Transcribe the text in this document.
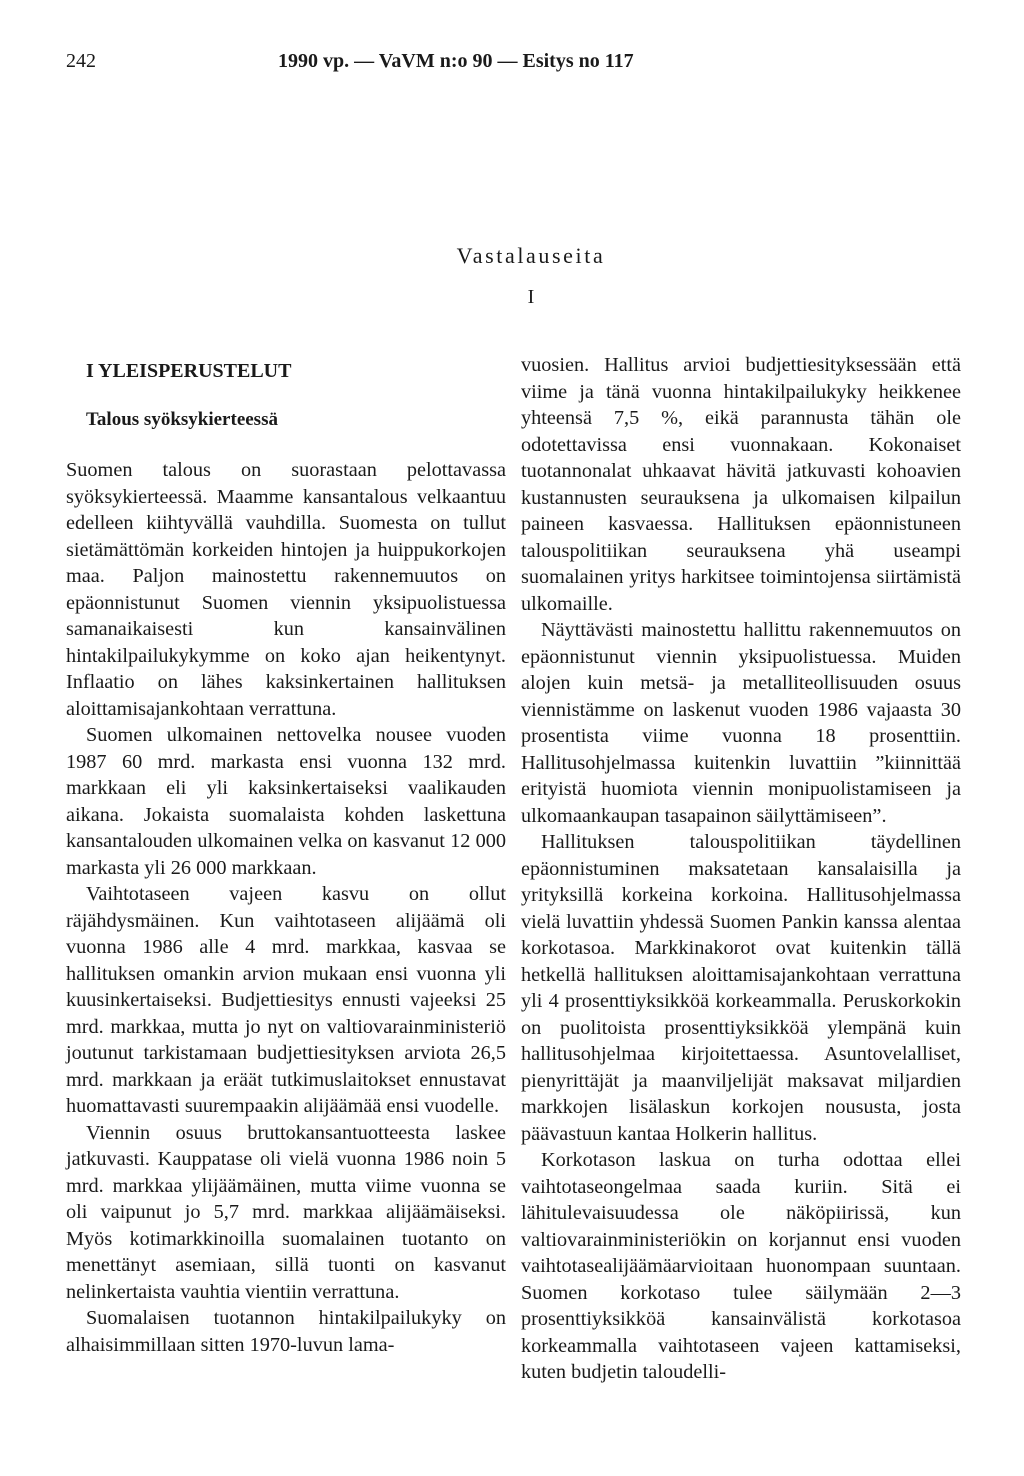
242	1990 vp. — VaVM n:o 90 — Esitys no 117
Vastalauseita
I

I YLEISPERUSTELUT

Talous syöksykierteessä

Suomen talous on suorastaan pelottavassa syöksykierteessä. Maamme kansantalous velkaantuu edelleen kiihtyvällä vauhdilla. Suomesta on tullut sietämättömän korkeiden hintojen ja huippukorkojen maa. Paljon mainostettu rakennemuutos on epäonnistunut Suomen viennin yksipuolistuessa samanaikaisesti kun kansainvälinen hintakilpailukykymme on koko ajan heikentynyt. Inflaatio on lähes kaksinkertainen hallituksen aloittamisajankohtaan verrattuna.

Suomen ulkomainen nettovelka nousee vuoden 1987 60 mrd. markasta ensi vuonna 132 mrd. markkaan eli yli kaksinkertaiseksi vaalikauden aikana. Jokaista suomalaista kohden laskettuna kansantalouden ulkomainen velka on kasvanut 12 000 markasta yli 26 000 markkaan.

Vaihtotaseen vajeen kasvu on ollut räjähdysmäinen. Kun vaihtotaseen alijäämä oli vuonna 1986 alle 4 mrd. markkaa, kasvaa se hallituksen omankin arvion mukaan ensi vuonna yli kuusinkertaiseksi. Budjettiesitys ennusti vajeeksi 25 mrd. markkaa, mutta jo nyt on valtiovarainministeriö joutunut tarkistamaan budjettiesityksen arviota 26,5 mrd. markkaan ja eräät tutkimuslaitokset ennustavat huomattavasti suurempaakin alijäämää ensi vuodelle.

Viennin osuus bruttokansantuotteesta laskee jatkuvasti. Kauppatase oli vielä vuonna 1986 noin 5 mrd. markkaa ylijäämäinen, mutta viime vuonna se oli vaipunut jo 5,7 mrd. markkaa alijäämäiseksi. Myös kotimarkkinoilla suomalainen tuotanto on menettänyt asemiaan, sillä tuonti on kasvanut nelinkertaista vauhtia vientiin verrattuna.

Suomalaisen tuotannon hintakilpailukyky on alhaisimmillaan sitten 1970-luvun lama-

vuosien. Hallitus arvioi budjettiesityksessään että viime ja tänä vuonna hintakilpailukyky heikkenee yhteensä 7,5 %, eikä parannusta tähän ole odotettavissa ensi vuonnakaan. Kokonaiset tuotannonalat uhkaavat hävitä jatkuvasti kohoavien kustannusten seurauksena ja ulkomaisen kilpailun paineen kasvaessa. Hallituksen epäonnistuneen talouspolitiikan seurauksena yhä useampi suomalainen yritys harkitsee toimintojensa siirtämistä ulkomaille.

Näyttävästi mainostettu hallittu rakennemuutos on epäonnistunut viennin yksipuolistuessa. Muiden alojen kuin metsä- ja metalliteollisuuden osuus viennistämme on laskenut vuoden 1986 vajaasta 30 prosentista viime vuonna 18 prosenttiin. Hallitusohjelmassa kuitenkin luvattiin ”kiinnittää erityistä huomiota viennin monipuolistamiseen ja ulkomaankaupan tasapainon säilyttämiseen”.

Hallituksen talouspolitiikan täydellinen epäonnistuminen maksatetaan kansalaisilla ja yrityksillä korkeina korkoina. Hallitusohjelmassa vielä luvattiin yhdessä Suomen Pankin kanssa alentaa korkotasoa. Markkinakorot ovat kuitenkin tällä hetkellä hallituksen aloittamisajankohtaan verrattuna yli 4 prosenttiyksikköä korkeammalla. Peruskorkokin on puolitoista prosenttiyksikköä ylempänä kuin hallitusohjelmaa kirjoitettaessa. Asuntovelalliset, pienyrittäjät ja maanviljelijät maksavat miljardien markkojen lisälaskun korkojen noususta, josta päävastuun kantaa Holkerin hallitus.

Korkotason laskua on turha odottaa ellei vaihtotaseongelmaa saada kuriin. Sitä ei lähitulevaisuudessa ole näköpiirissä, kun valtiovarainministeriökin on korjannut ensi vuoden vaihtotasealijäämäarvioitaan huonompaan suuntaan. Suomen korkotaso tulee säilymään 2—3 prosenttiyksikköä kansainvälistä korkotasoa korkeammalla vaihtotaseen vajeen kattamiseksi, kuten budjetin taloudelli-
